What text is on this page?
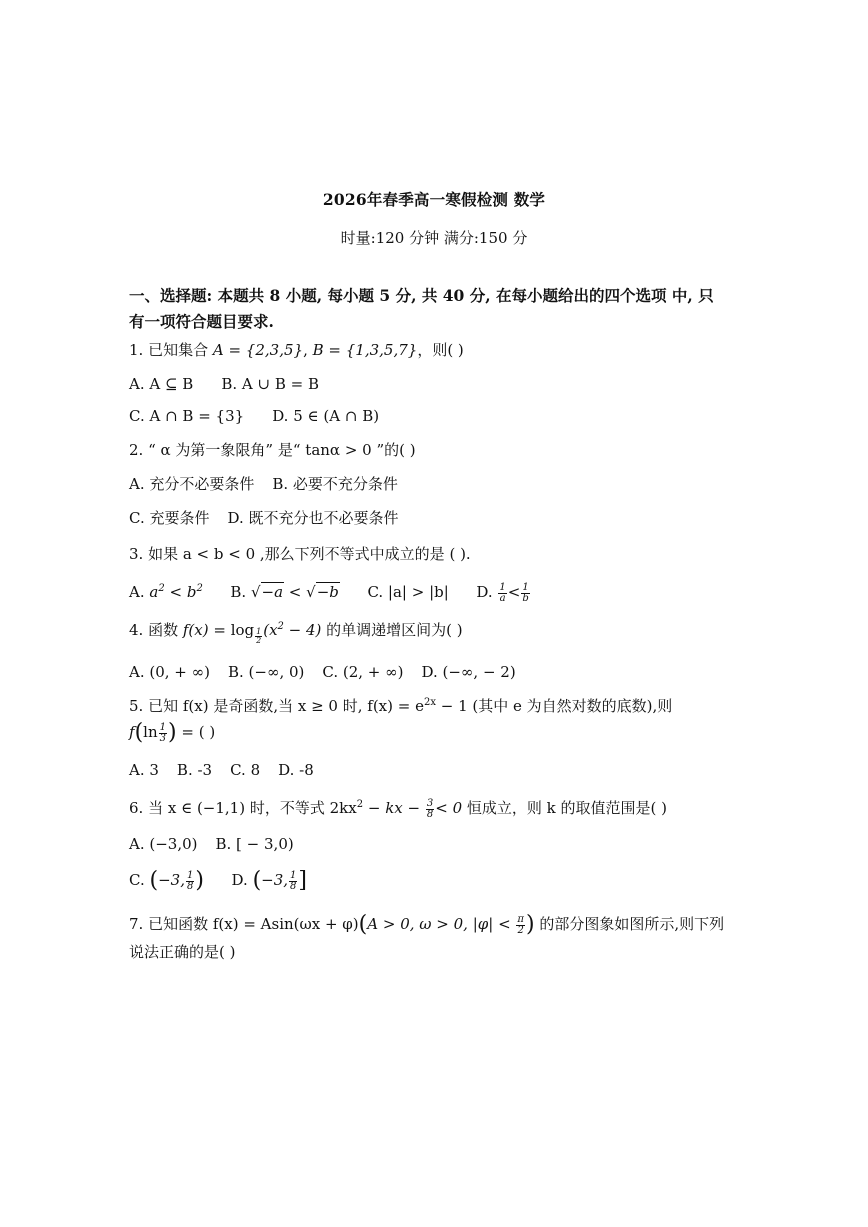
2026年春季高一寒假检测 数学
时量:120 分钟 满分:150 分
一、选择题: 本题共 8 小题, 每小题 5 分, 共 40 分, 在每小题给出的四个选项 中, 只
有一项符合题目要求.
1. 已知集合 A = {2,3,5}, B = {1,3,5,7}，则( )
A. A ⊆ B B. A ∪ B = B
C. A ∩ B = {3} D. 5 ∈ (A ∩ B)
2. “ α 为第一象限角” 是“ tanα > 0 ”的( )
A. 充分不必要条件 B. 必要不充分条件
C. 充要条件 D. 既不充分也不必要条件
3. 如果 a < b < 0 ,那么下列不等式中成立的是 ( ).
A. $a^2 < b^2$ B. √−a < √−b C. |a| > |b| D. $\frac{1}{a} < \frac{1}{b}$
4. 函数 f(x) = log $_{\frac{1}{2}}$ $(x^2 - 4)$ 的单调递增区间为( )
A. (0, + ∞) B. (−∞, 0) C. (2, + ∞) D. (−∞, − 2)
5. 已知 f(x) 是奇函数,当 x ≥ 0 时, $f(x) = e^{2x} - 1$ (其中 e 为自然对数的底数),则
$f(\ln \frac{1}{3}$ ) = ( )
A. 3 B. -3 C. 8 D. -8
6. 当 x ∈ (−1,1) 时，不等式 $2kx^2$ − kx − $\frac{3}{8} < 0$ 恒成立，则 k 的取值范围是( )
A. (−3,0) B. [ − 3,0)
C. (−3, $\frac{1}{8}$ ) D. (−3, $\frac{1}{8}$ ]
7. 已知函数 f(x) = Asin(ωx + φ)(A > 0, ω > 0, $|\varphi| < \frac{\pi}{2}$ ) 的部分图象如图所示,则下列
说法正确的是( )
